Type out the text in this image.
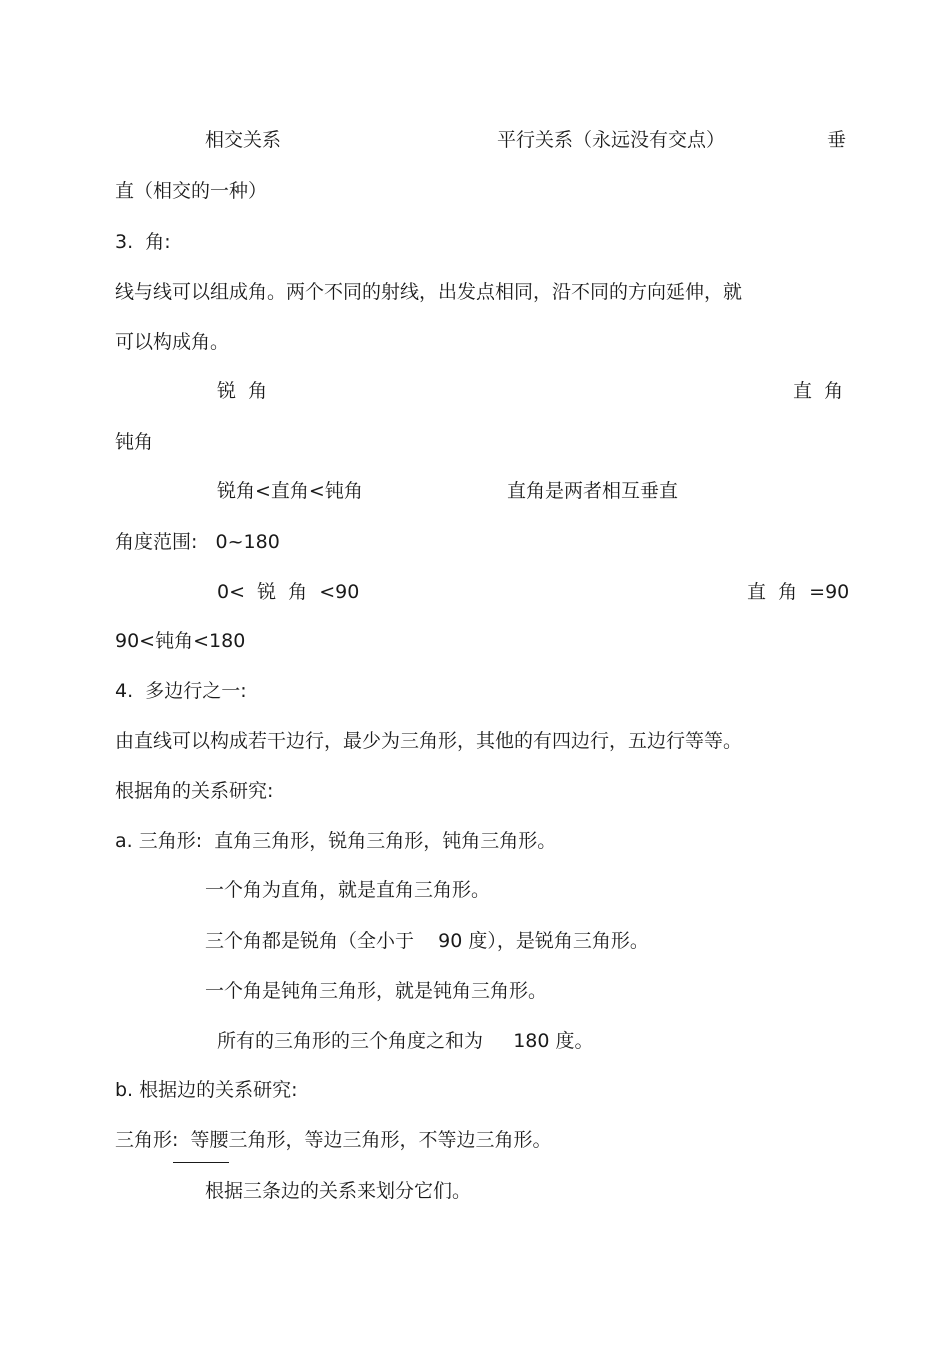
相交关系	平行关系（永远没有交点）	垂
直（相交的一种）
3.  角:
线与线可以组成角。两个不同的射线，出发点相同，沿不同的方向延伸，就
可以构成角。
锐  角	直  角
钝角
锐角<直角<钝角	直角是两者相互垂直
角度范围:   0~180
0<  锐  角  <90	直  角  =90
90<钝角<180
4.  多边行之一:
由直线可以构成若干边行，最少为三角形，其他的有四边行，五边行等等。
根据角的关系研究:
a. 三角形:  直角三角形，锐角三角形，钝角三角形。
一个角为直角，就是直角三角形。
三个角都是锐角（全小于    90 度），是锐角三角形。
一个角是钝角三角形，就是钝角三角形。
所有的三角形的三个角度之和为     180 度。
b. 根据边的关系研究:
三角形:  等腰三角形，等边三角形，不等边三角形。
根据三条边的关系来划分它们。
